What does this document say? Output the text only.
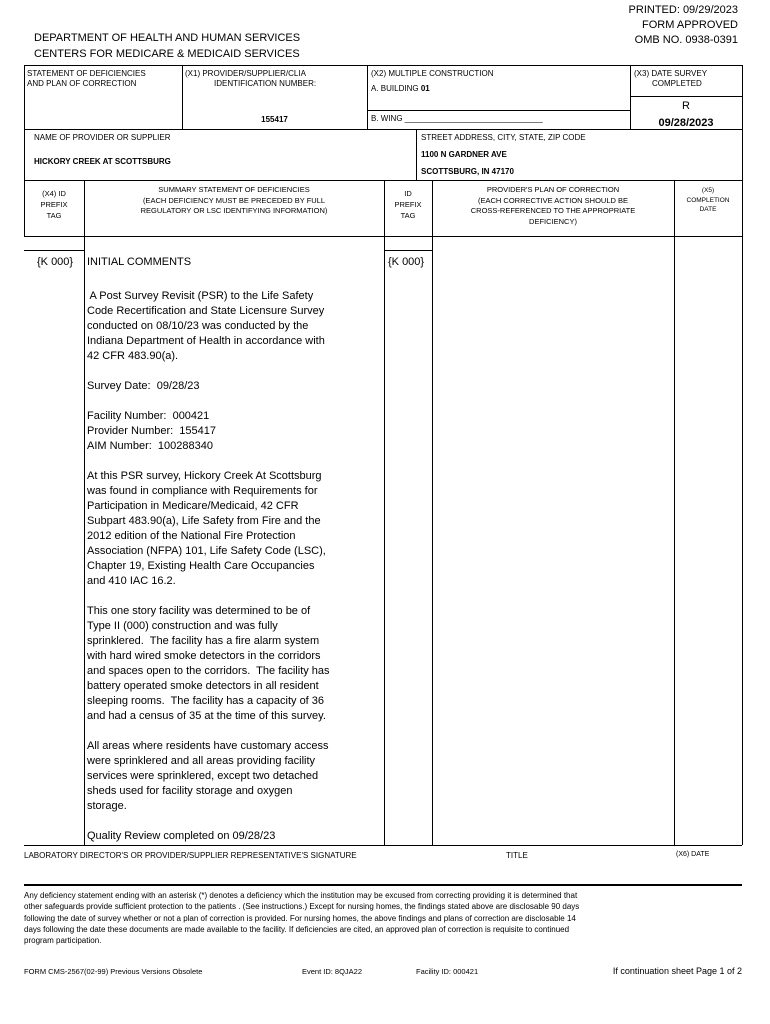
DEPARTMENT OF HEALTH AND HUMAN SERVICES
CENTERS FOR MEDICARE & MEDICAID SERVICES
PRINTED: 09/29/2023
FORM APPROVED
OMB NO. 0938-0391
STATEMENT OF DEFICIENCIES
AND PLAN OF CORRECTION
(X1) PROVIDER/SUPPLIER/CLIA
IDENTIFICATION NUMBER:
155417
(X2) MULTIPLE CONSTRUCTION
A. BUILDING 01
B. WING _______________________________
(X3) DATE SURVEY
COMPLETED
R
09/28/2023
NAME OF PROVIDER OR SUPPLIER
HICKORY CREEK AT SCOTTSBURG
STREET ADDRESS, CITY, STATE, ZIP CODE
1100 N GARDNER AVE
SCOTTSBURG, IN 47170
(X4) ID
PREFIX
TAG
SUMMARY STATEMENT OF DEFICIENCIES
(EACH DEFICIENCY MUST BE PRECEDED BY FULL
REGULATORY OR LSC IDENTIFYING INFORMATION)
ID
PREFIX
TAG
PROVIDER'S PLAN OF CORRECTION
(EACH CORRECTIVE ACTION SHOULD BE
CROSS-REFERENCED TO THE APPROPRIATE
DEFICIENCY)
(X5)
COMPLETION
DATE
{K 000}	{K 000}
INITIAL COMMENTS
A Post Survey Revisit (PSR) to the Life Safety
Code Recertification and State Licensure Survey
conducted on 08/10/23 was conducted by the
Indiana Department of Health in accordance with
42 CFR 483.90(a).
Survey Date:  09/28/23
Facility Number:  000421
Provider Number:  155417
AIM Number:  100288340
At this PSR survey, Hickory Creek At Scottsburg
was found in compliance with Requirements for
Participation in Medicare/Medicaid, 42 CFR
Subpart 483.90(a), Life Safety from Fire and the
2012 edition of the National Fire Protection
Association (NFPA) 101, Life Safety Code (LSC),
Chapter 19, Existing Health Care Occupancies
and 410 IAC 16.2.
This one story facility was determined to be of
Type II (000) construction and was fully
sprinklered.  The facility has a fire alarm system
with hard wired smoke detectors in the corridors
and spaces open to the corridors.  The facility has
battery operated smoke detectors in all resident
sleeping rooms.  The facility has a capacity of 36
and had a census of 35 at the time of this survey.
All areas where residents have customary access
were sprinklered and all areas providing facility
services were sprinklered, except two detached
sheds used for facility storage and oxygen
storage.
Quality Review completed on 09/28/23
LABORATORY DIRECTOR'S OR PROVIDER/SUPPLIER REPRESENTATIVE'S SIGNATURE	TITLE	(X6) DATE
Any deficiency statement ending with an asterisk (*) denotes a deficiency which the institution may be excused from correcting providing it is determined that
other safeguards provide sufficient protection to the patients . (See instructions.) Except for nursing homes, the findings stated above are disclosable 90 days
following the date of survey whether or not a plan of correction is provided. For nursing homes, the above findings and plans of correction are disclosable 14
days following the date these documents are made available to the facility. If deficiencies are cited, an approved plan of correction is requisite to continued
program participation.
FORM CMS-2567(02-99) Previous Versions Obsolete	Event ID: 8QJA22	Facility ID: 000421	If continuation sheet Page 1 of 2
